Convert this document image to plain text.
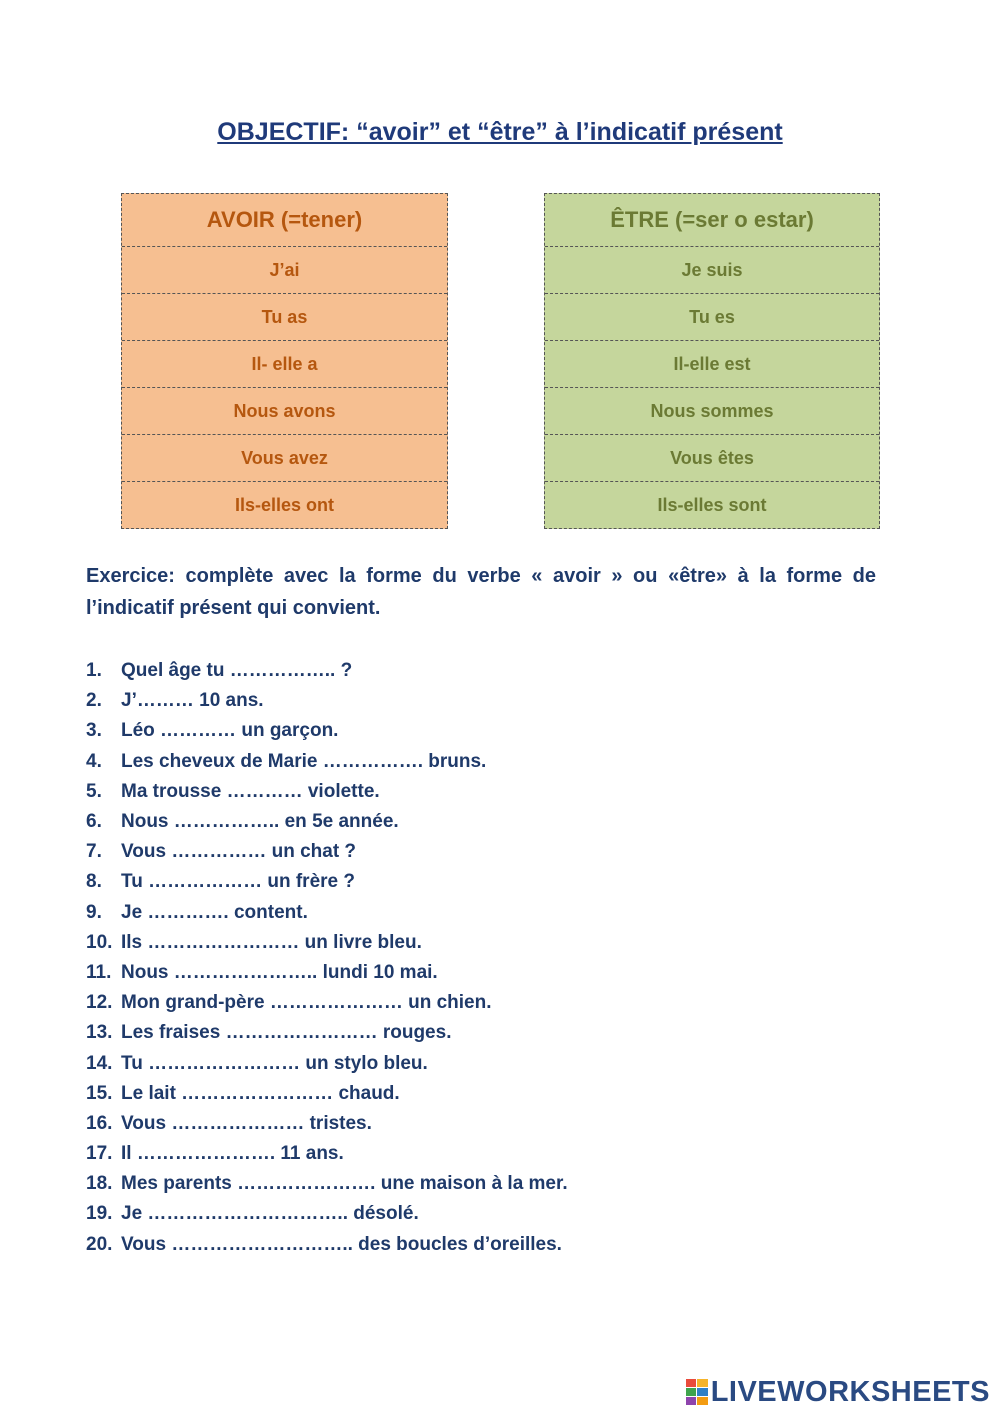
OBJECTIF: “avoir” et “être” à l’indicatif présent
AVOIR (=tener)
J’ai
Tu as
Il- elle a
Nous avons
Vous avez
Ils-elles ont
ÊTRE (=ser o estar)
Je suis
Tu es
Il-elle est
Nous sommes
Vous êtes
Ils-elles sont
Exercice: complète avec la forme du verbe « avoir » ou «être» à la forme de l’indicatif présent qui convient.
1.	Quel âge tu …………….. ?
2.	J’……… 10 ans.
3.	Léo ………… un garçon.
4.	Les cheveux de Marie ……………. bruns.
5.	Ma trousse ………… violette.
6.	Nous …………….. en 5e année.
7.	Vous …………… un chat ?
8.	Tu ……………… un frère ?
9.	Je …………. content.
10. Ils …………………… un livre bleu.
11. Nous ………………….. lundi 10 mai.
12. Mon grand-père ………………… un chien.
13. Les fraises …………………… rouges.
14. Tu …………………… un stylo bleu.
15. Le lait …………………… chaud.
16. Vous ………………… tristes.
17. Il …………………. 11 ans.
18. Mes parents …………………. une maison à la mer.
19. Je ………………………….. désolé.
20. Vous ……………………….. des boucles d’oreilles.
LIVEWORKSHEETS
